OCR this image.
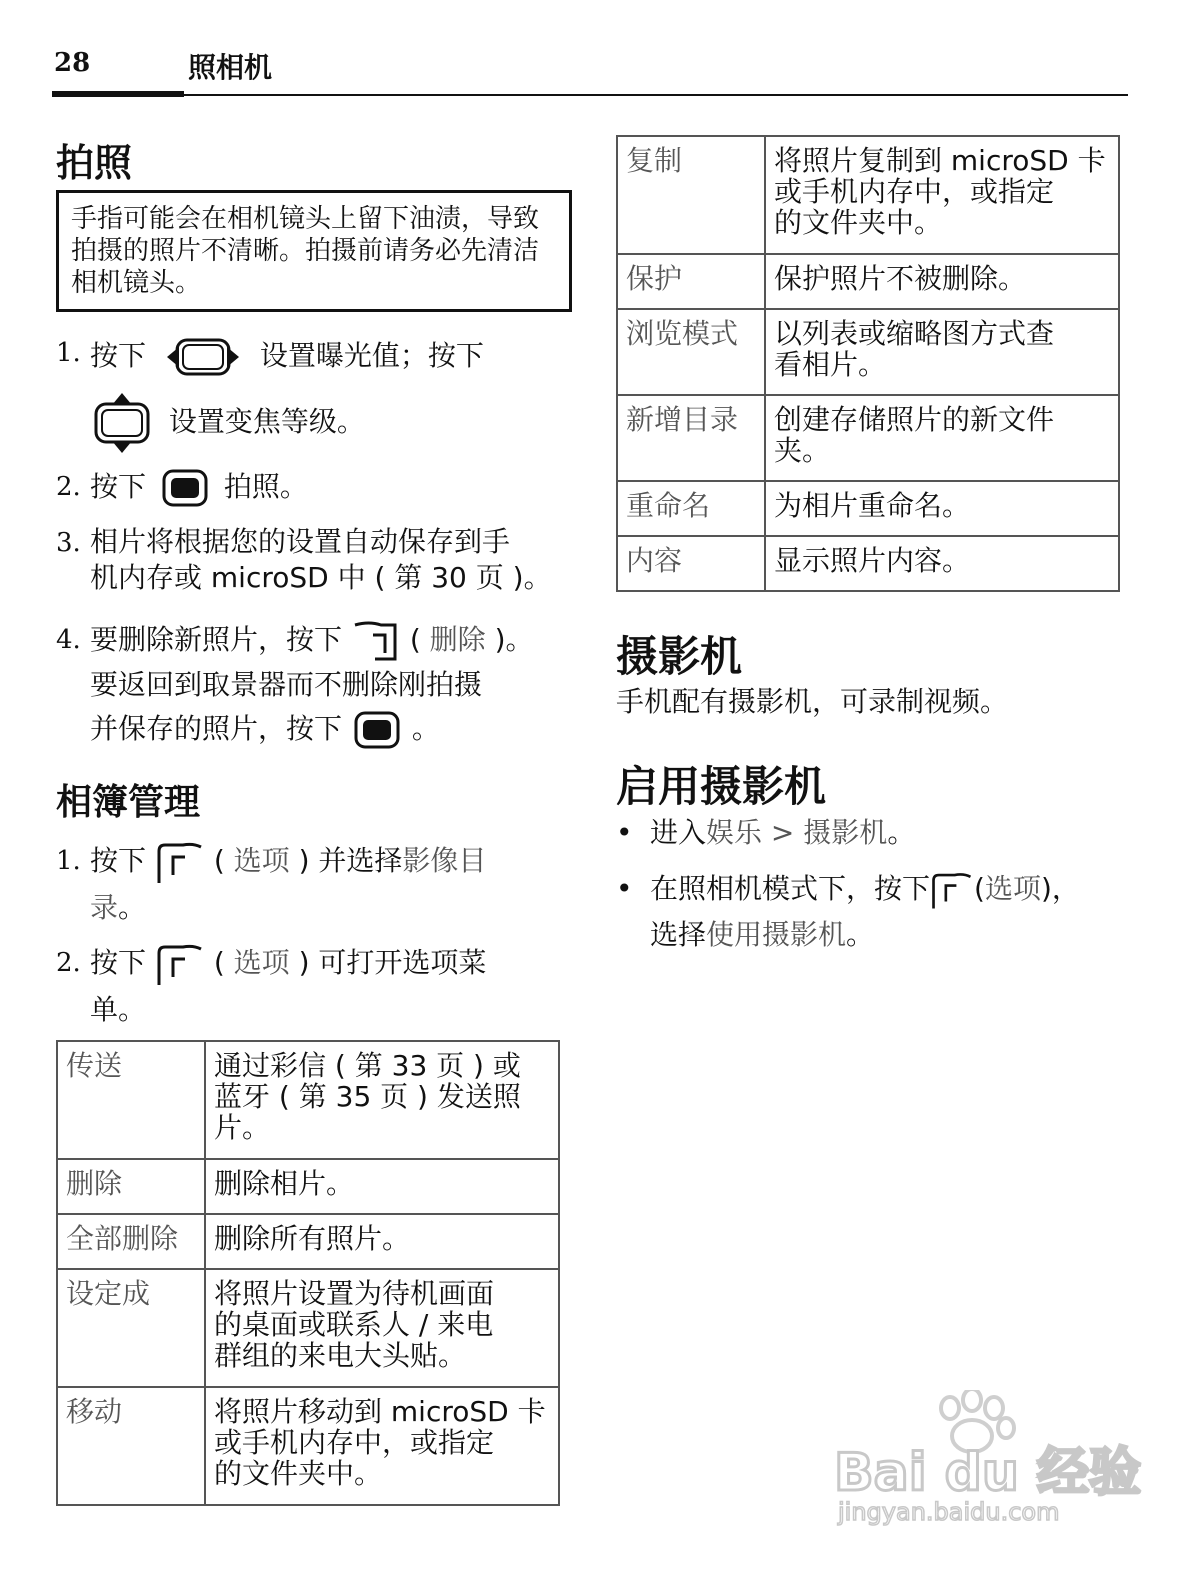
28	照相机
拍照
手指可能会在相机镜头上留下油渍，导致拍摄的照片不清晰。拍摄前请务必先清洁相机镜头。
1. 按下	设置曝光值；按下
设置变焦等级。
2. 按下	拍照。
3. 相片将根据您的设置自动保存到手
机内存或 microSD 中 ( 第 30 页 )。
4. 要删除新照片，按下 ( 删除 )。
要返回到取景器而不删除刚拍摄
并保存的照片，按下 。
相簿管理
1. 按下 ( 选项 ) 并选择影像目
录。
2. 按下 ( 选项 ) 可打开选项菜
单。
传送	通过彩信 ( 第 33 页 ) 或
蓝牙 ( 第 35 页 ) 发送照
片。
删除	删除相片。
全部删除	删除所有照片。
设定成	将照片设置为待机画面
的桌面或联系人 / 来电
群组的来电大头贴。
移动	将照片移动到 microSD 卡
或手机内存中，或指定
的文件夹中。
复制	将照片复制到 microSD 卡
或手机内存中，或指定
的文件夹中。
保护	保护照片不被删除。
浏览模式	以列表或缩略图方式查
看相片。
新增目录	创建存储照片的新文件
夹。
重命名	为相片重命名。
内容	显示照片内容。
摄影机
手机配有摄影机，可录制视频。
启用摄影机
• 进入娱乐 > 摄影机。
• 在照相机模式下，按下 (选项)，
选择使用摄影机。
Bai du 经验
jingyan.baidu.com
